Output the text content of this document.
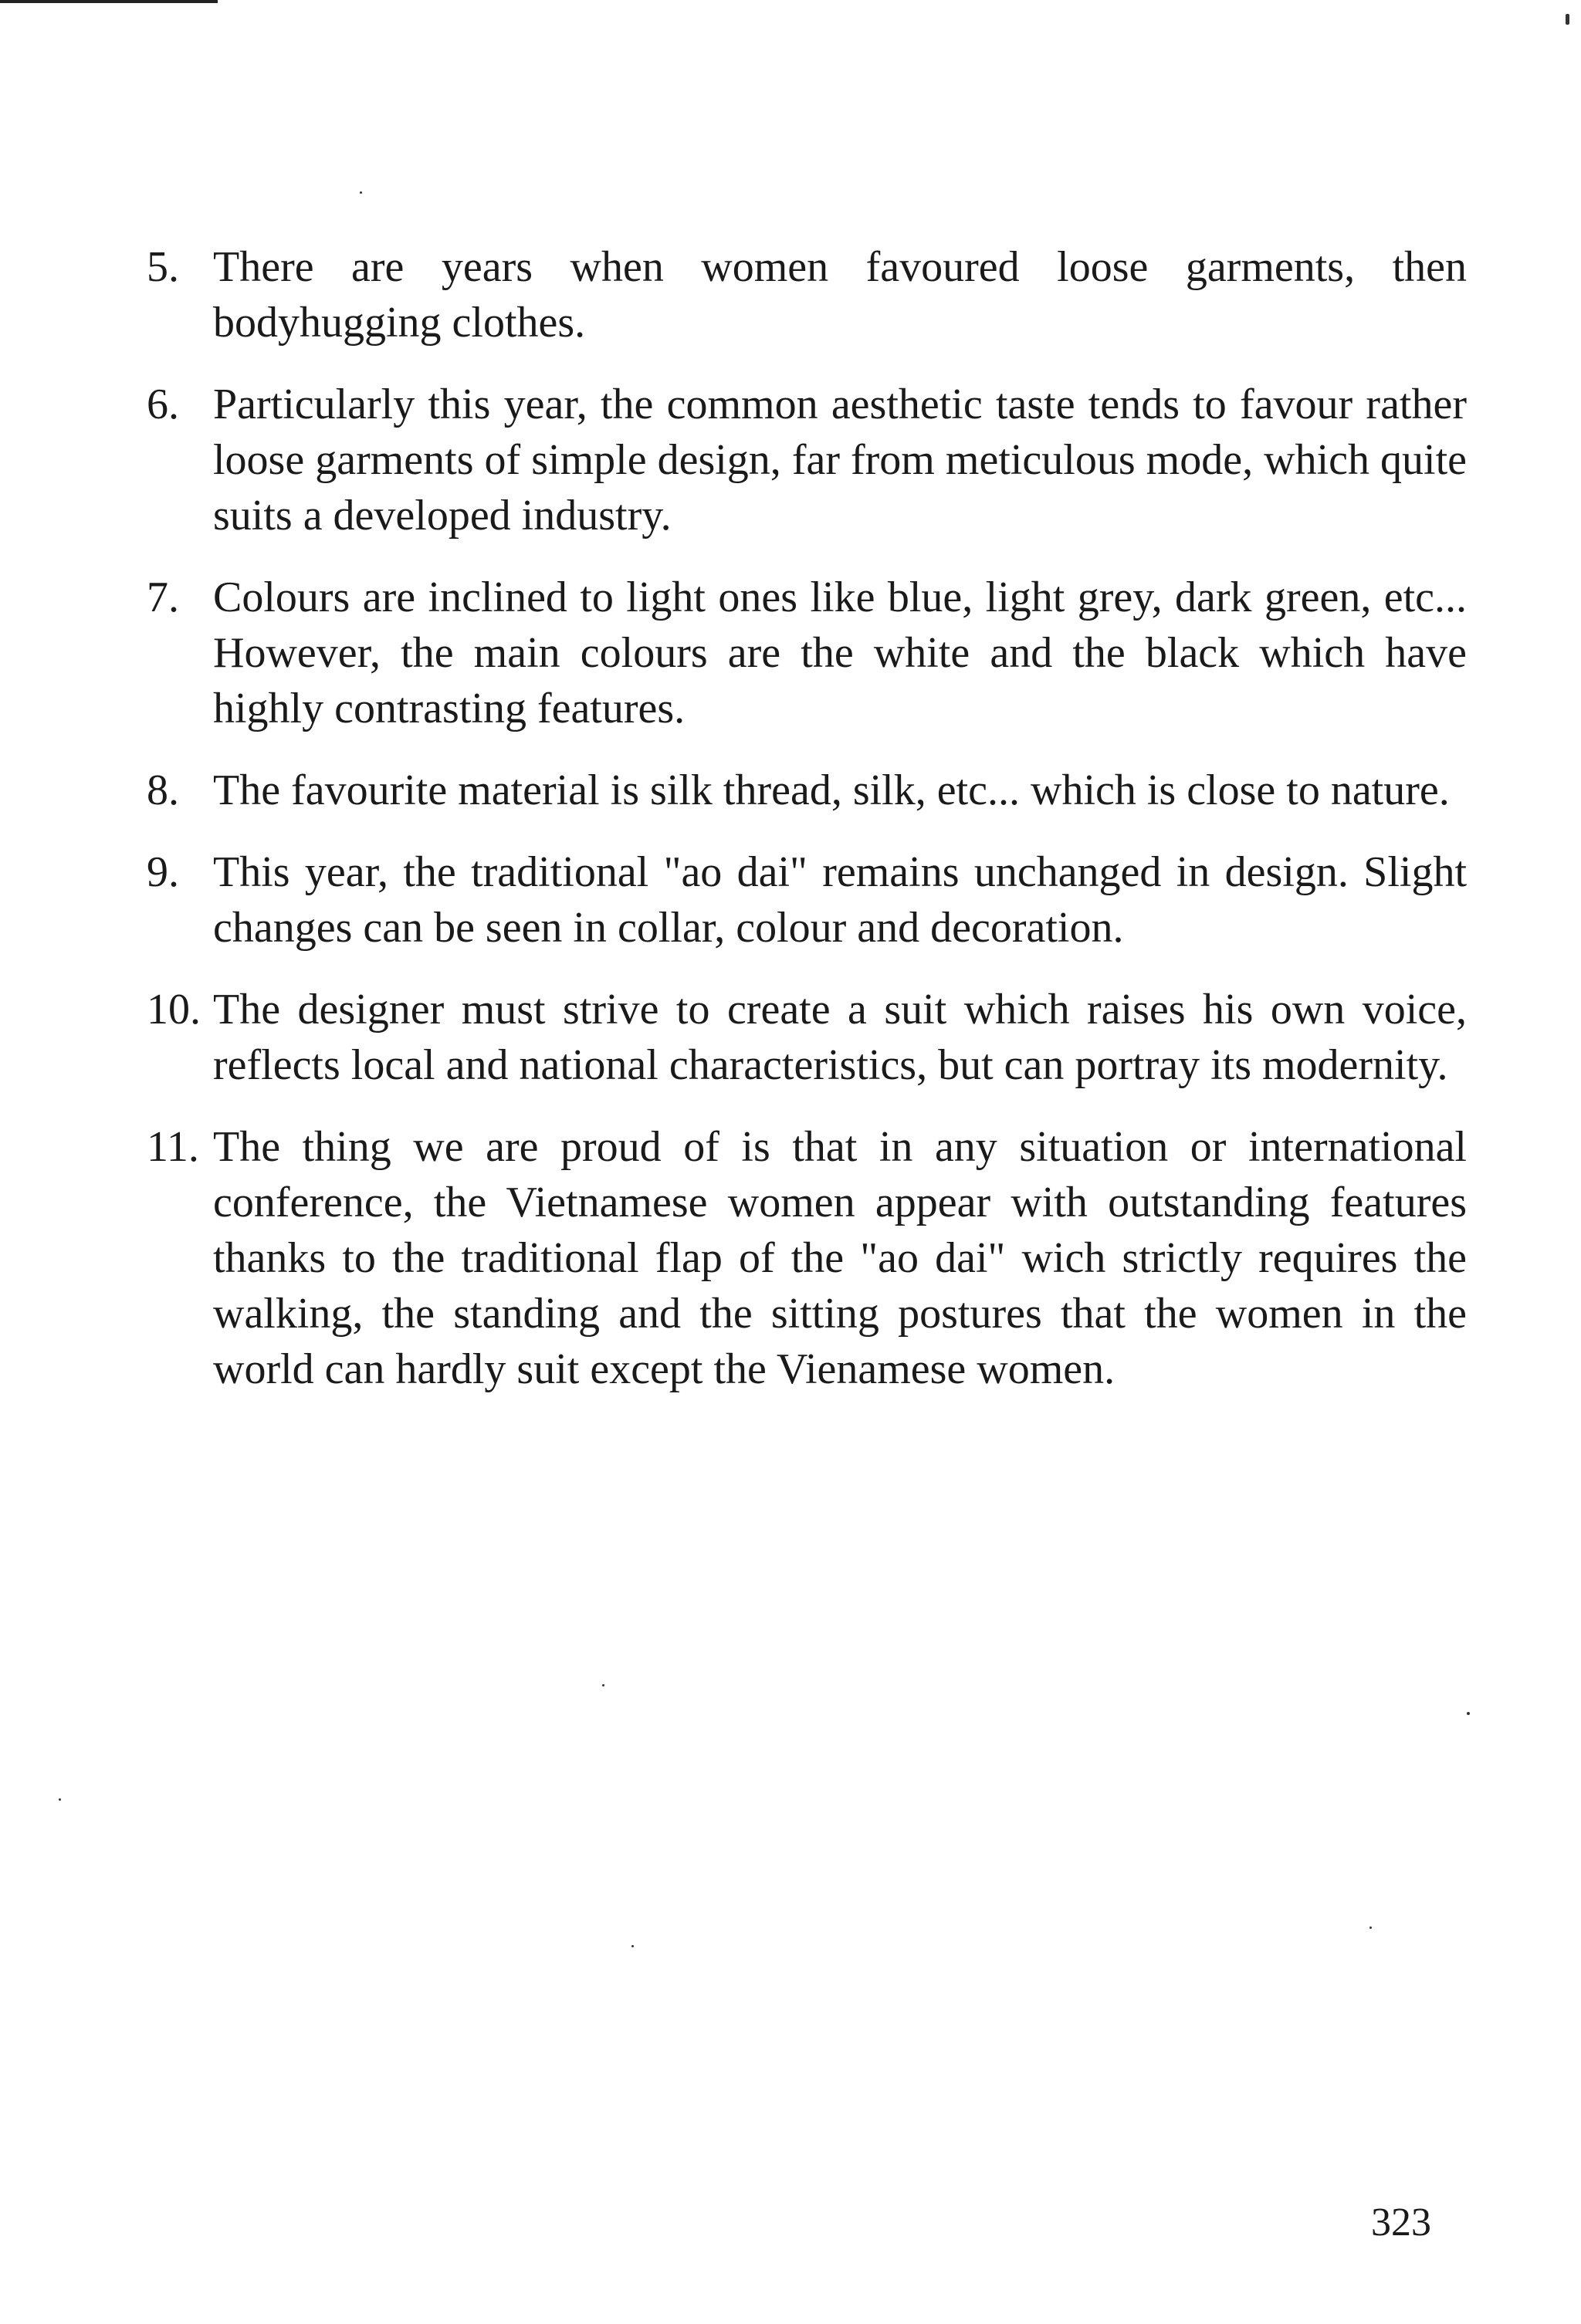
5. There are years when women favoured loose garments, then bodyhugging clothes.
6. Particularly this year, the common aesthetic taste tends to favour rather loose garments of simple design, far from meticulous mode, which quite suits a developed industry.
7. Colours are inclined to light ones like blue, light grey, dark green, etc... However, the main colours are the white and the black which have highly contrasting features.
8. The favourite material is silk thread, silk, etc... which is close to nature.
9. This year, the traditional "ao dai" remains unchanged in design. Slight changes can be seen in collar, colour and decoration.
10. The designer must strive to create a suit which raises his own voice, reflects local and national characteristics, but can portray its modernity.
11. The thing we are proud of is that in any situation or international conference, the Vietnamese women appear with outstanding features thanks to the traditional flap of the "ao dai" wich strictly requires the walking, the standing and the sitting postures that the women in the world can hardly suit except the Vienamese women.
323
